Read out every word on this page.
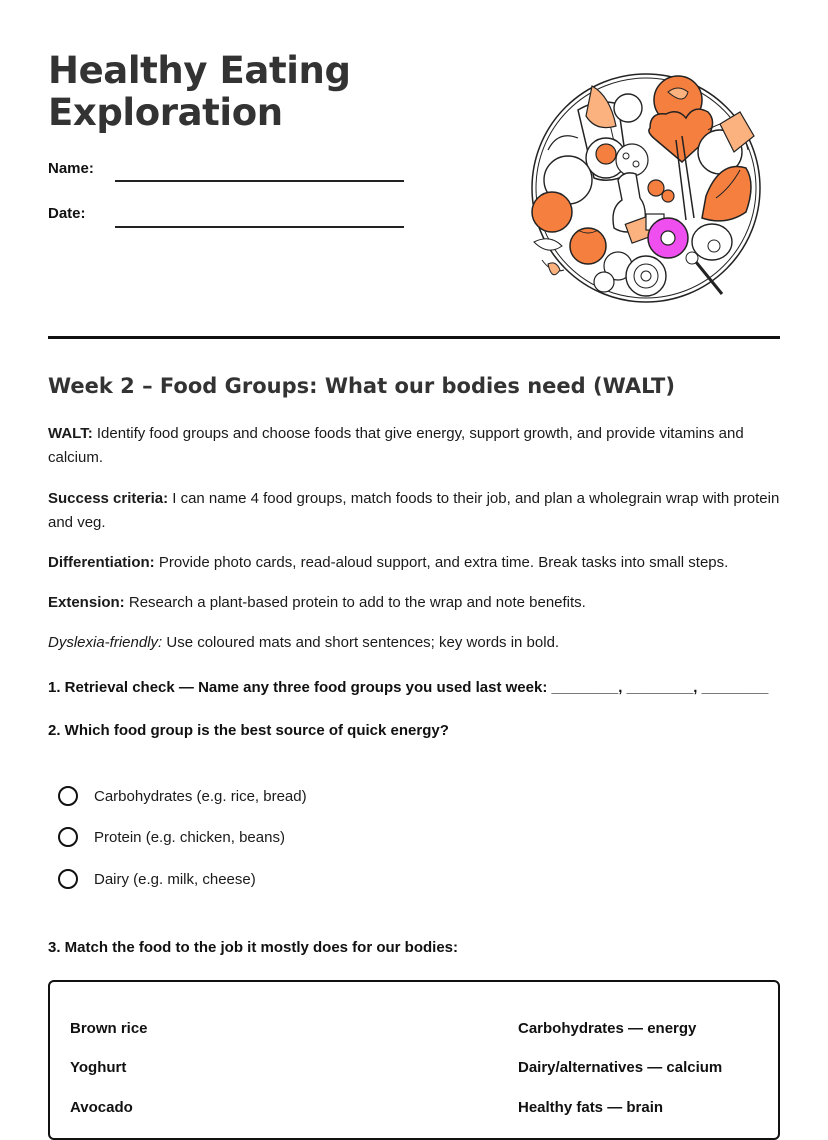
Healthy Eating
Exploration
Name:
Date:
Week 2 – Food Groups: What our bodies need (WALT)
WALT: Identify food groups and choose foods that give energy, support growth, and provide vitamins and calcium.
Success criteria: I can name 4 food groups, match foods to their job, and plan a wholegrain wrap with protein and veg.
Differentiation: Provide photo cards, read-aloud support, and extra time. Break tasks into small steps.
Extension: Research a plant-based protein to add to the wrap and note benefits.
Dyslexia-friendly: Use coloured mats and short sentences; key words in bold.
1. Retrieval check — Name any three food groups you used last week: ________, ________, ________
2. Which food group is the best source of quick energy?
Carbohydrates (e.g. rice, bread)
Protein (e.g. chicken, beans)
Dairy (e.g. milk, cheese)
3. Match the food to the job it mostly does for our bodies:
Brown rice
Yoghurt
Avocado
Carbohydrates — energy
Dairy/alternatives — calcium
Healthy fats — brain
